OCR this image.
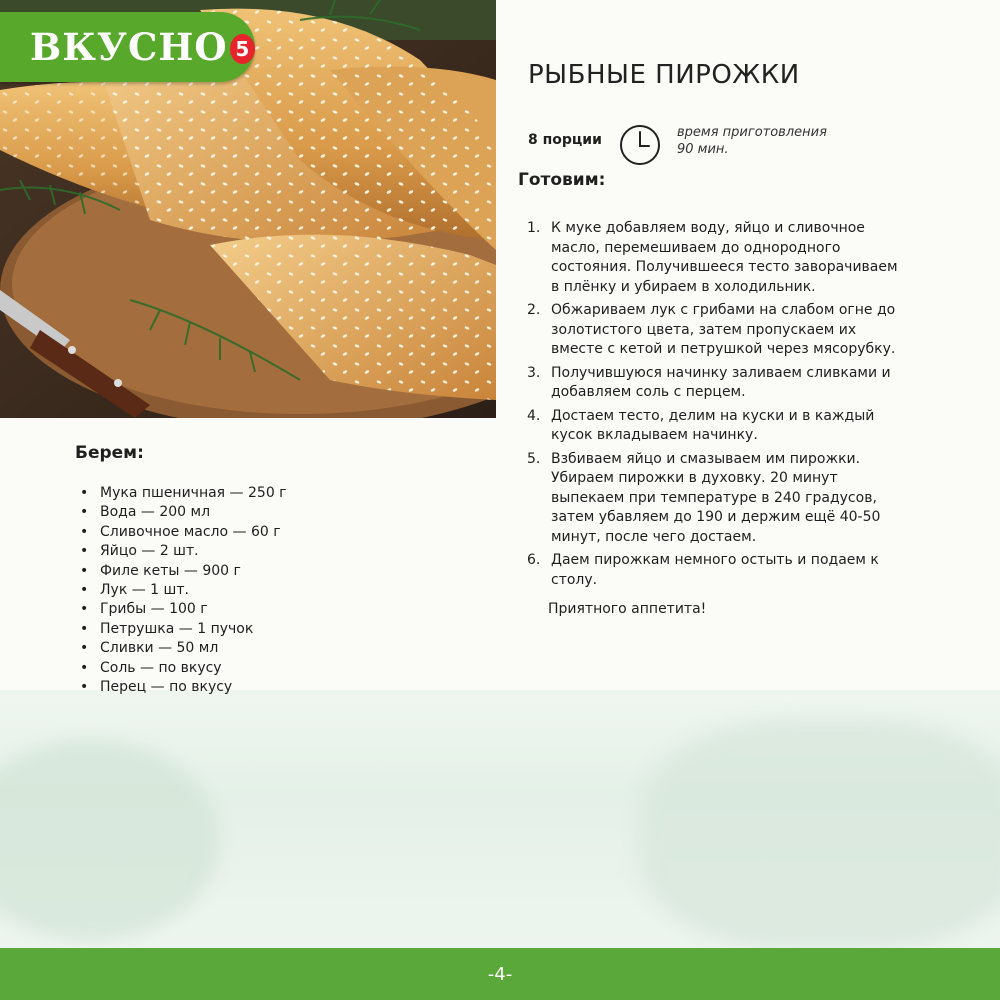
ВКУСНО 5
РЫБНЫЕ ПИРОЖКИ
8 порции	время приготовления
90 мин.
Готовим:
1. К муке добавляем воду, яйцо и сливочное масло, перемешиваем до однородного состояния. Получившееся тесто заворачиваем в плёнку и убираем в холодильник.
2. Обжариваем лук с грибами на слабом огне до золотистого цвета, затем пропускаем их вместе с кетой и петрушкой через мясорубку.
3. Получившуюся начинку заливаем сливками и добавляем соль с перцем.
4. Достаем тесто, делим на куски и в каждый кусок вкладываем начинку.
5. Взбиваем яйцо и смазываем им пирожки. Убираем пирожки в духовку. 20 минут выпекаем при температуре в 240 градусов, затем убавляем до 190 и держим ещё 40-50 минут, после чего достаем.
6. Даем пирожкам немного остыть и подаем к столу.
Приятного аппетита!
Берем:
• Мука пшеничная — 250 г
• Вода — 200 мл
• Сливочное масло — 60 г
• Яйцо — 2 шт.
• Филе кеты — 900 г
• Лук — 1 шт.
• Грибы — 100 г
• Петрушка — 1 пучок
• Сливки — 50 мл
• Соль — по вкусу
• Перец — по вкусу
-4-
